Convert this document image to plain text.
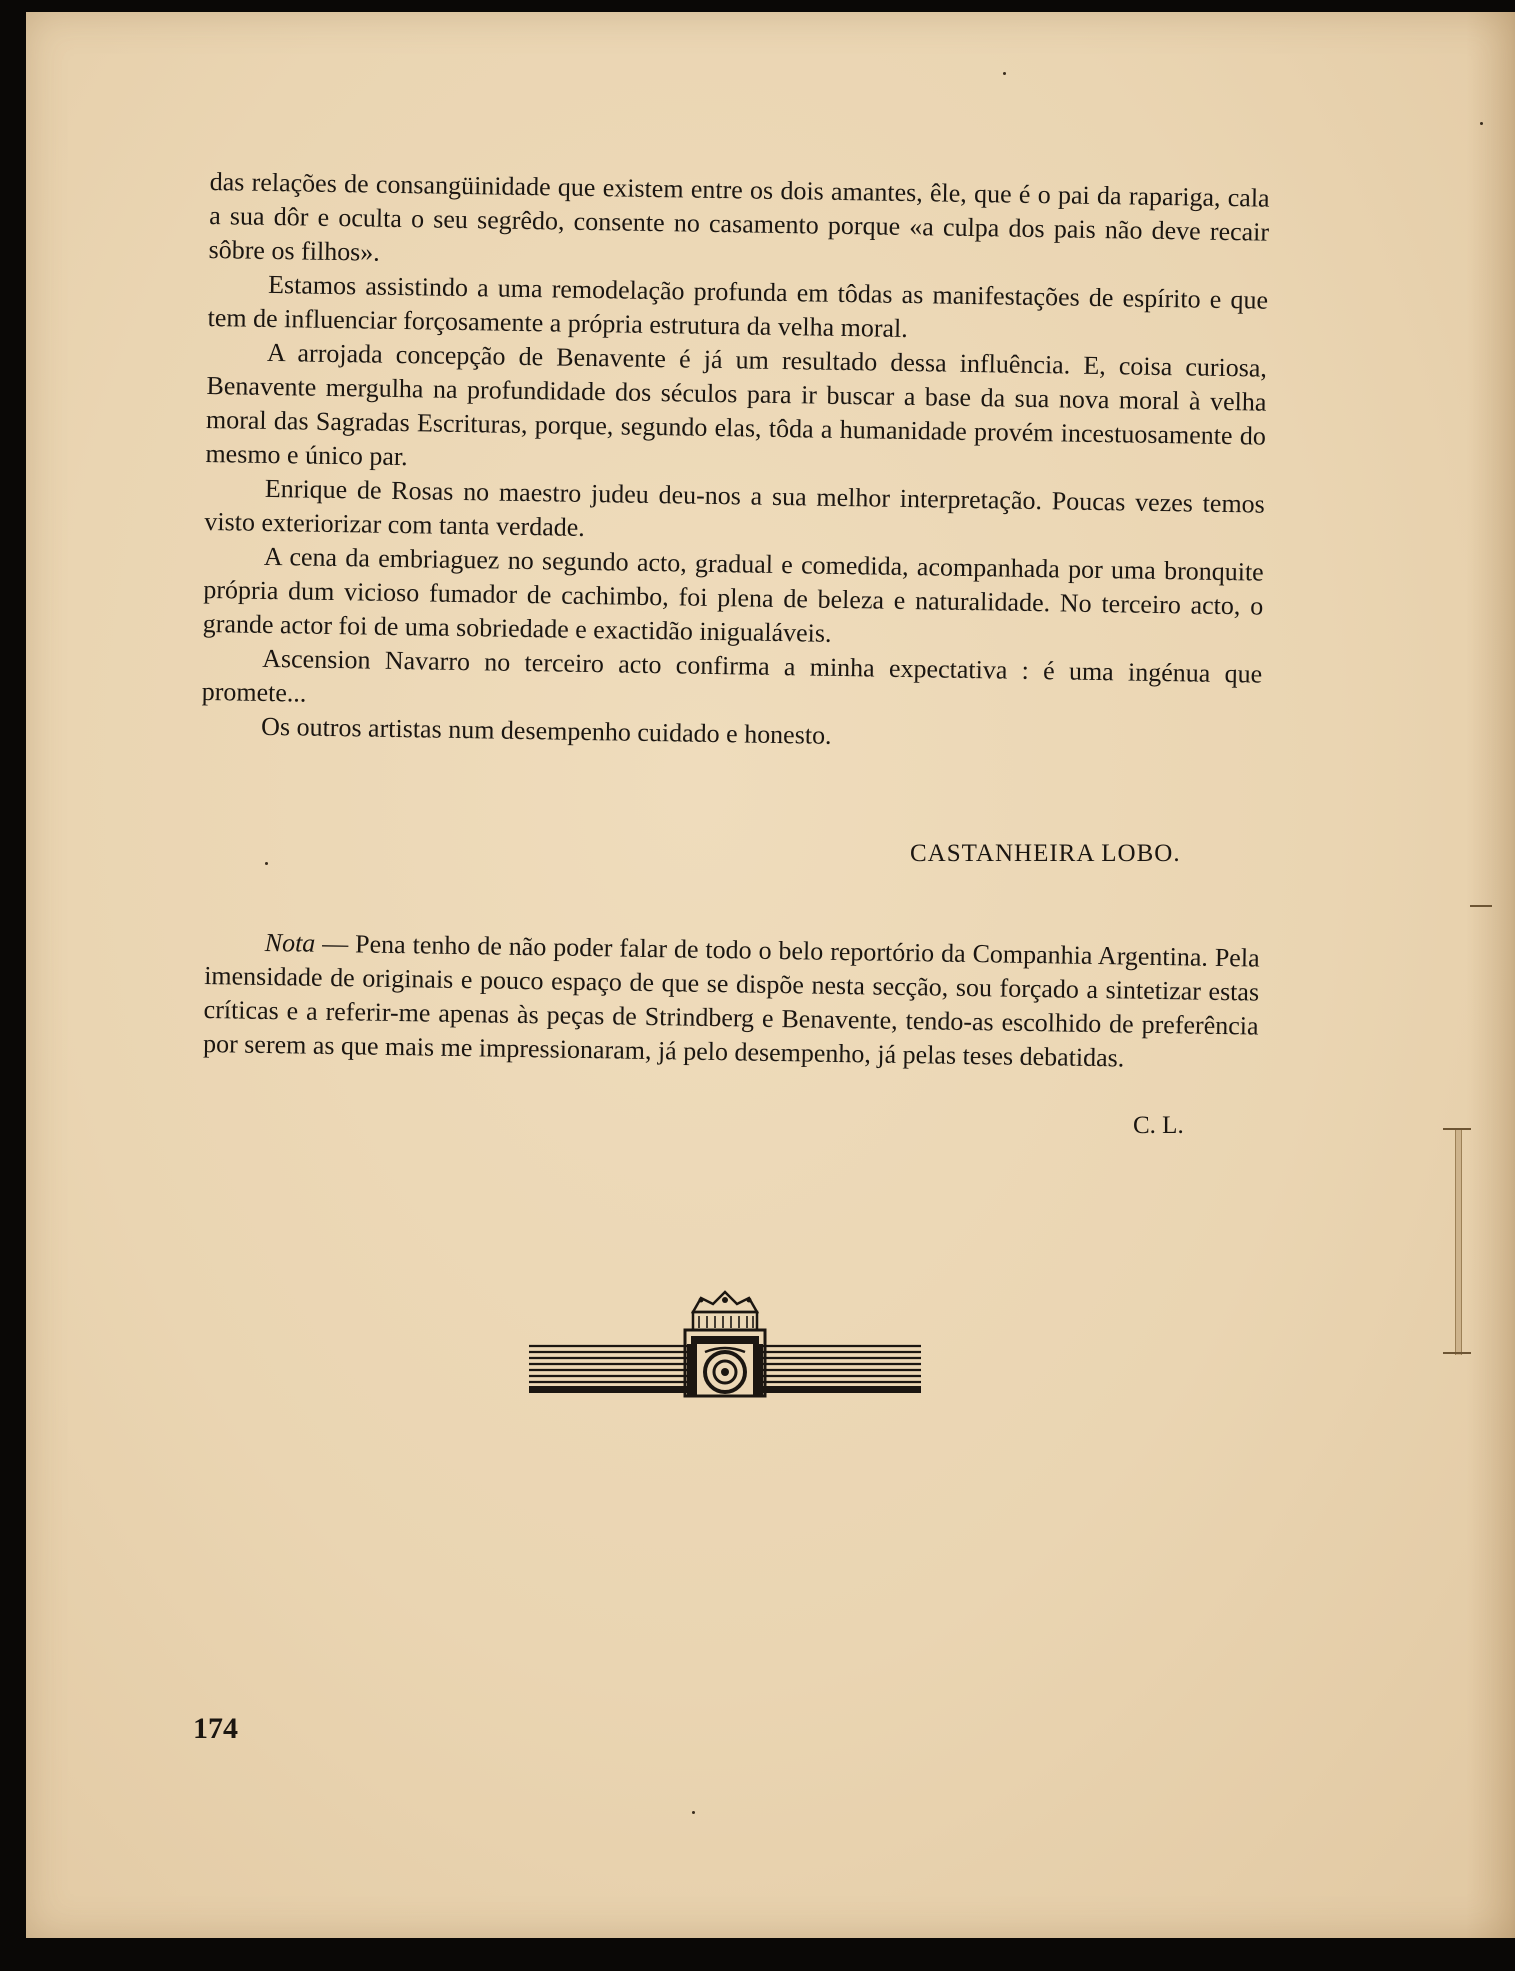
das relações de consangüinidade que existem entre os dois amantes, êle, que é o pai da rapariga, cala a sua dôr e oculta o seu segrêdo, consente no casamento porque «a culpa dos pais não deve recair sôbre os filhos».

Estamos assistindo a uma remodelação profunda em tôdas as manifestações de espírito e que tem de influenciar forçosamente a própria estrutura da velha moral.

A arrojada concepção de Benavente é já um resultado dessa influência. E, coisa curiosa, Benavente mergulha na profundidade dos séculos para ir buscar a base da sua nova moral à velha moral das Sagradas Escrituras, porque, segundo elas, tôda a humanidade provém incestuosamente do mesmo e único par.

Enrique de Rosas no maestro judeu deu-nos a sua melhor interpretação. Poucas vezes temos visto exteriorizar com tanta verdade.

A cena da embriaguez no segundo acto, gradual e comedida, acompanhada por uma bronquite própria dum vicioso fumador de cachimbo, foi plena de beleza e naturalidade. No terceiro acto, o grande actor foi de uma sobriedade e exactidão inigualáveis.

Ascension Navarro no terceiro acto confirma a minha expectativa : é uma ingénua que promete...

Os outros artistas num desempenho cuidado e honesto.

CASTANHEIRA LOBO.

Nota — Pena tenho de não poder falar de todo o belo reportório da Companhia Argentina. Pela imensidade de originais e pouco espaço de que se dispõe nesta secção, sou forçado a sintetizar estas críticas e a referir-me apenas às peças de Strindberg e Benavente, tendo-as escolhido de preferência por serem as que mais me impressionaram, já pelo desempenho, já pelas teses debatidas.

C. L.
174
